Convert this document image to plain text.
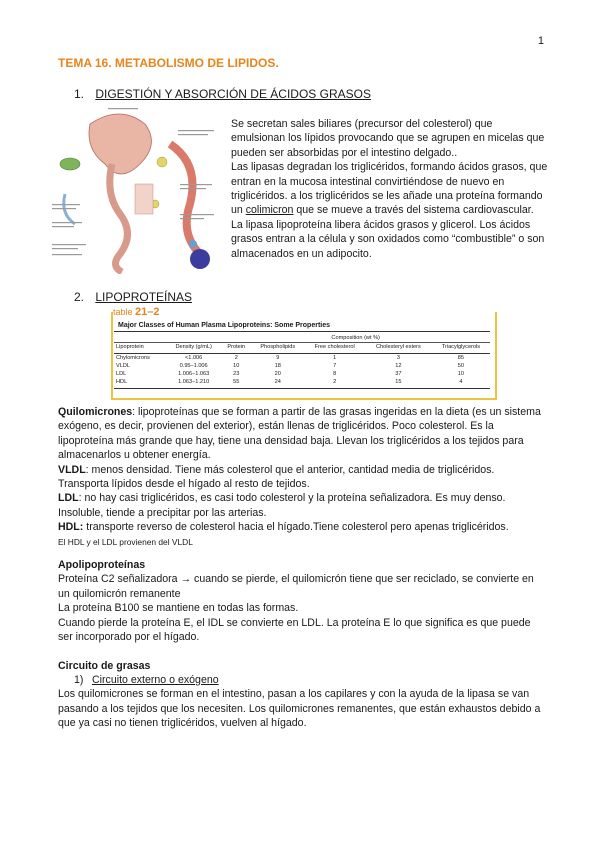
1
TEMA 16. METABOLISMO DE LIPIDOS.
1. DIGESTIÓN Y ABSORCIÓN DE ÁCIDOS GRASOS

Se secretan sales biliares (precursor del colesterol) que emulsionan los lípidos provocando que se agrupen en micelas que pueden ser absorbidas por el intestino delgado..

Las lipasas degradan los triglicéridos, formando ácidos grasos, que entran en la mucosa intestinal convirtiéndose de nuevo en triglicéridos. a los triglicéridos se les añade una proteína formando un colimicron que se mueve a través del sistema cardiovascular.

La lipasa lipoproteína libera ácidos grasos y glicerol. Los ácidos grasos entran a la célula y son oxidados como “combustible” o son almacenados en un adipocito.

2. LIPOPROTEÍNAS
table 21–2
Major Classes of Human Plasma Lipoproteins: Some Properties
		Composition (wt %)				
Lipoprotein	Density (g/mL)	Protein	Phospholipids	Free cholesterol	Cholesteryl esters	Triacylglycerols
Chylomicrons	<1.006	2	9	1	3	85
VLDL	0.95–1.006	10	18	7	12	50
LDL	1.006–1.063	23	20	8	37	10
HDL	1.063–1.210	55	24	2	15	4

Quilomicrones: lipoproteínas que se forman a partir de las grasas ingeridas en la dieta (es un sistema exógeno, es decir, provienen del exterior), están llenas de triglicéridos. Poco colesterol. Es la lipoproteína más grande que hay, tiene una densidad baja. Llevan los triglicéridos a los tejidos para almacenarlos u obtener energía.

VLDL: menos densidad. Tiene más colesterol que el anterior, cantidad media de triglicéridos. Transporta lípidos desde el hígado al resto de tejidos.

LDL: no hay casi triglicéridos, es casi todo colesterol y la proteína señalizadora. Es muy denso. Insoluble, tiende a precipitar por las arterias.

HDL: transporte reverso de colesterol hacia el hígado.Tiene colesterol pero apenas triglicéridos.

El HDL y el LDL provienen del VLDL

Apolipoproteínas

Proteína C2 señalizadora → cuando se pierde, el quilomicrón tiene que ser reciclado, se convierte en un quilomicrón remanente

La proteína B100 se mantiene en todas las formas.

Cuando pierde la proteína E, el IDL se convierte en LDL. La proteína E lo que significa es que puede ser incorporado por el hígado.

Circuito de grasas

1) Circuito externo o exógeno

Los quilomicrones se forman en el intestino, pasan a los capilares y con la ayuda de la lipasa se van pasando a los tejidos que los necesiten. Los quilomicrones remanentes, que están exhaustos debido a que ya casi no tienen triglicéridos, vuelven al hígado.
